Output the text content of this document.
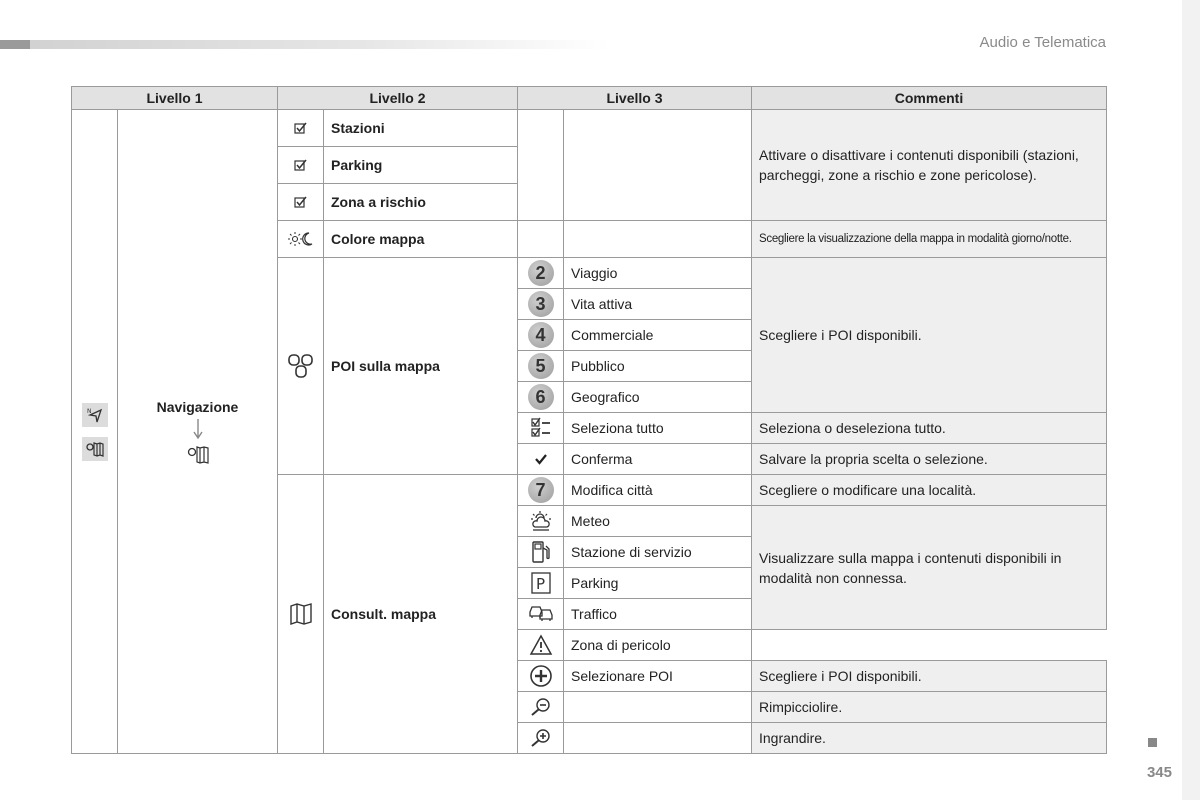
Audio e Telematica
Livello 1		Livello 2		Livello 3		Commenti

N	Navigazione		Stazioni			Attivare o disattivare i contenuti disponibili (stazioni, parcheggi, zone a rischio e zone pericolose).

	Parking			

	Zona a rischio			

	Colore mappa			Scegliere la visualizzazione della mappa in modalità giorno/notte.

	POI sulla mappa	2	Viaggio	Scegliere i POI disponibili.
				3	Vita attiva	
				4	Commerciale	
				5	Pubblico	
				6	Geografico	

	Seleziona tutto	Seleziona o deseleziona tutto.

	Conferma	Salvare la propria scelta o selezione.

	Consult. mappa	7	Modifica città	Scegliere o modificare una località.

	Meteo	Visualizzare sulla mappa i contenuti disponibili in modalità non connessa.

	Stazione di servizio	

P	Parking	

	Traffico	

	Zona di pericolo	

	Selezionare POI	Scegliere i POI disponibili.

		Rimpicciolire.

		Ingrandire.
345
